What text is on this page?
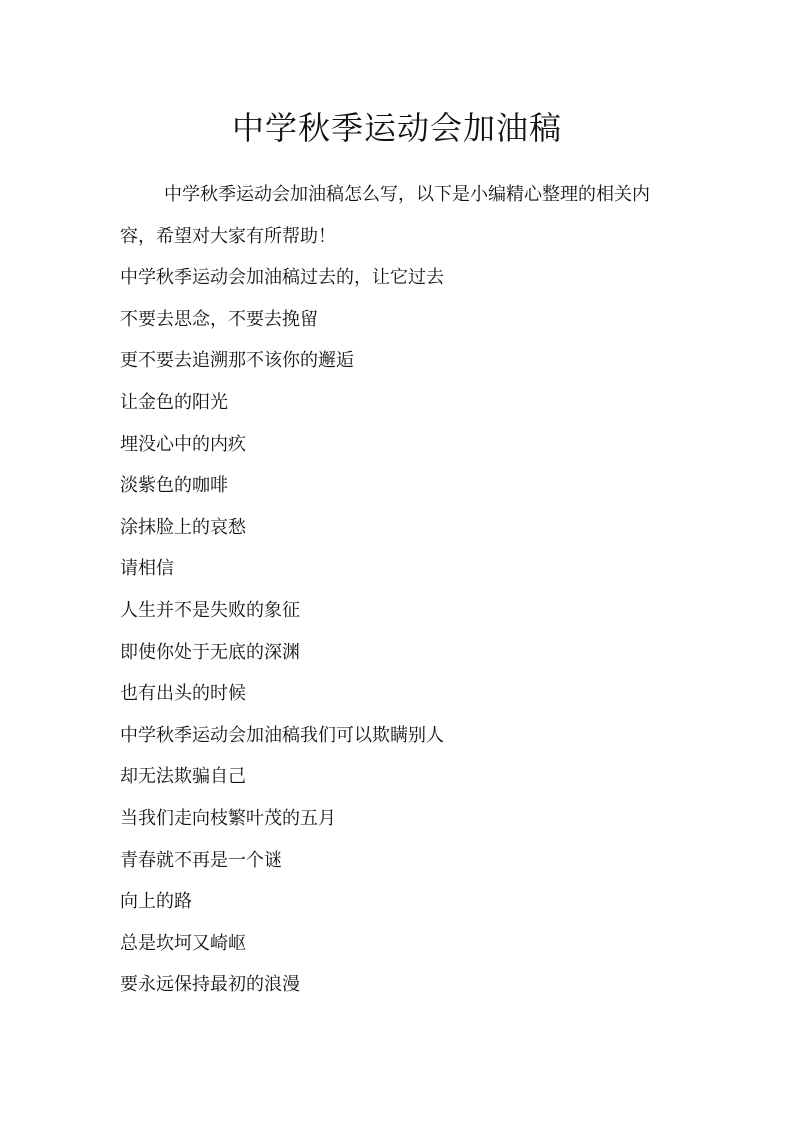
中学秋季运动会加油稿
中学秋季运动会加油稿怎么写，以下是小编精心整理的相关内容，希望对大家有所帮助！
中学秋季运动会加油稿过去的，让它过去
不要去思念，不要去挽留
更不要去追溯那不该你的邂逅
让金色的阳光
埋没心中的内疚
淡紫色的咖啡
涂抹脸上的哀愁
请相信
人生并不是失败的象征
即使你处于无底的深渊
也有出头的时候
中学秋季运动会加油稿我们可以欺瞒别人
却无法欺骗自己
当我们走向枝繁叶茂的五月
青春就不再是一个谜
向上的路
总是坎坷又崎岖
要永远保持最初的浪漫
